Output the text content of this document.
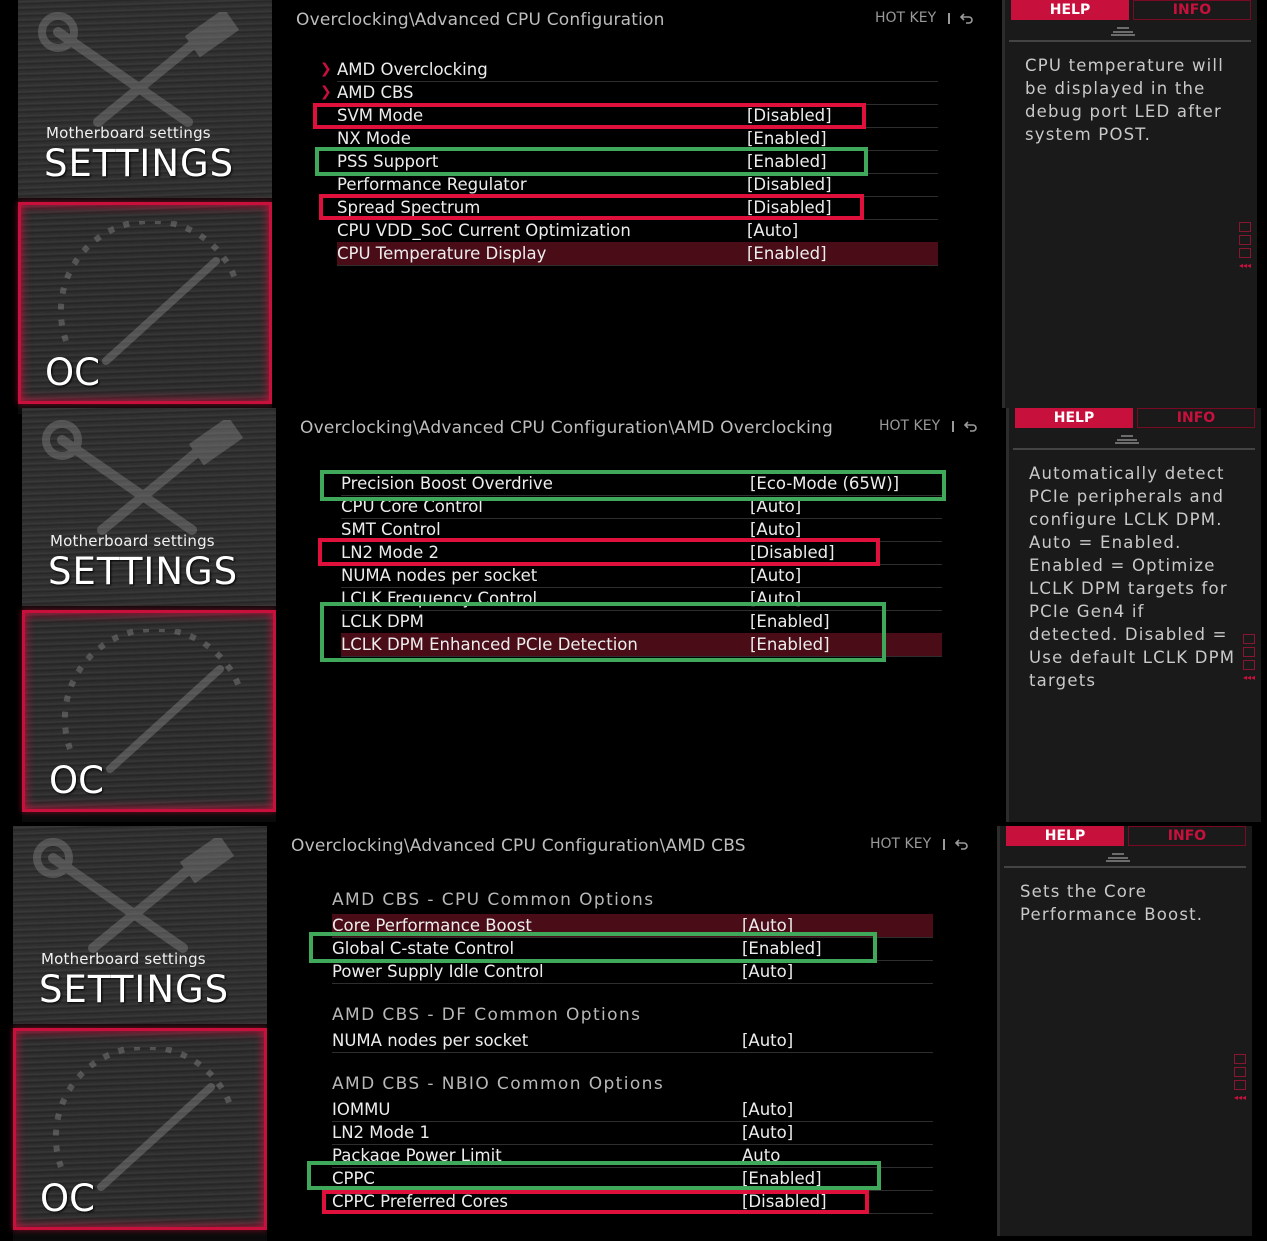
Motherboard settings
SETTINGS
OC
Overclocking\Advanced CPU Configuration	HOT KEY
❯ AMD Overclocking
❯ AMD CBS
SVM Mode	[Disabled]
NX Mode	[Enabled]
PSS Support	[Enabled]
Performance Regulator	[Disabled]
Spread Spectrum	[Disabled]
CPU VDD_SoC Current Optimization	[Auto]
CPU Temperature Display	[Enabled]
HELP	INFO
CPU temperature will be displayed in the debug port LED after system POST.
◂◂◂
Motherboard settings
SETTINGS
OC
Overclocking\Advanced CPU Configuration\AMD Overclocking	HOT KEY
Precision Boost Overdrive	[Eco-Mode (65W)]
CPU Core Control	[Auto]
SMT Control	[Auto]
LN2 Mode 2	[Disabled]
NUMA nodes per socket	[Auto]
LCLK Frequency Control	[Auto]
LCLK DPM	[Enabled]
LCLK DPM Enhanced PCIe Detection	[Enabled]
HELP	INFO
Automatically detect PCIe peripherals and configure LCLK DPM. Auto = Enabled. Enabled = Optimize LCLK DPM targets for PCIe Gen4 if detected. Disabled = Use default LCLK DPM targets	◂◂◂
Motherboard settings
SETTINGS
OC
Overclocking\Advanced CPU Configuration\AMD CBS	HOT KEY
AMD CBS - CPU Common Options
Core Performance Boost	[Auto]
Global C-state Control	[Enabled]
Power Supply Idle Control	[Auto]
AMD CBS - DF Common Options
NUMA nodes per socket	[Auto]
AMD CBS - NBIO Common Options
IOMMU	[Auto]
LN2 Mode 1	[Auto]
Package Power Limit	Auto
CPPC	[Enabled]
CPPC Preferred Cores	[Disabled]
HELP	INFO
Sets the Core Performance Boost.
◂◂◂
